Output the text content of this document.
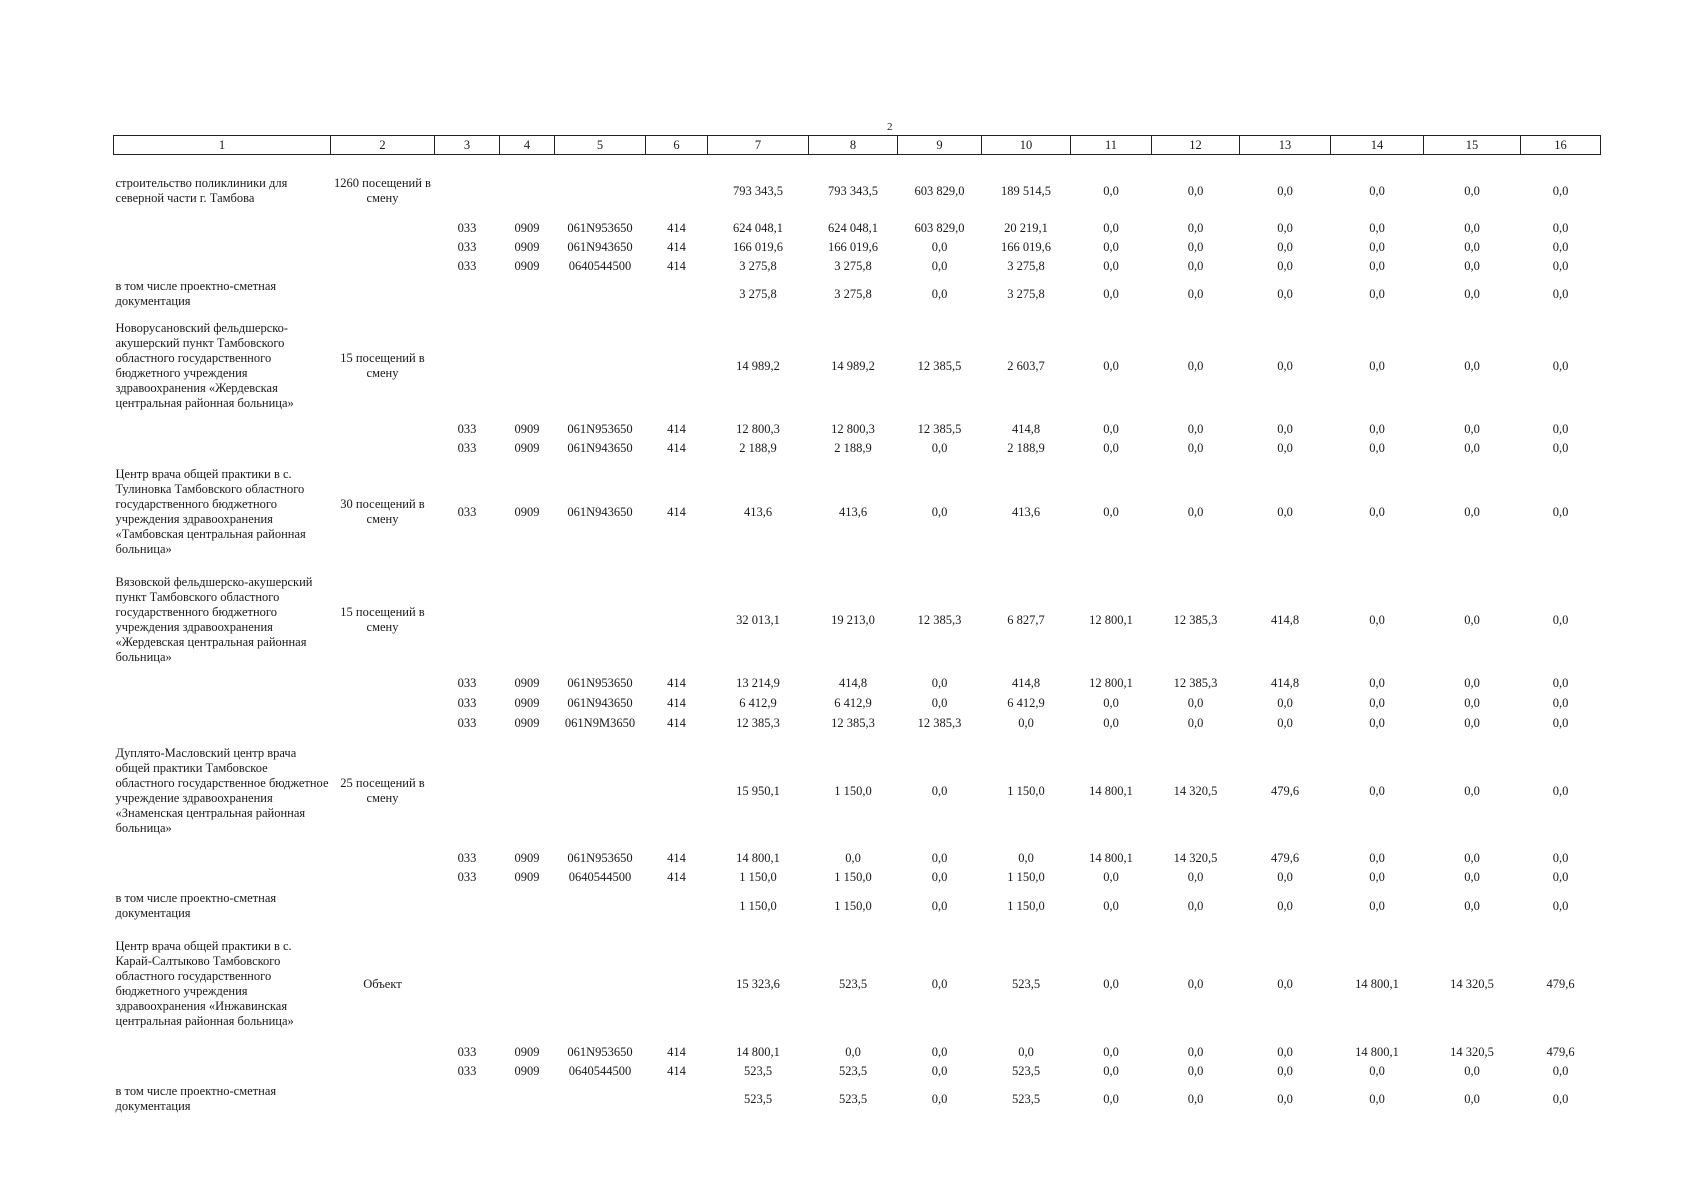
2
1	2	3	4	5	6	7	8	9	10	11	12	13	14	15	16

строительство поликлиники для северной части г. Тамбова	1260 посещений в смену					793 343,5	793 343,5	603 829,0	189 514,5	0,0	0,0	0,0	0,0	0,0	0,0
		033	0909	061N953650	414	624 048,1	624 048,1	603 829,0	20 219,1	0,0	0,0	0,0	0,0	0,0	0,0
		033	0909	061N943650	414	166 019,6	166 019,6	0,0	166 019,6	0,0	0,0	0,0	0,0	0,0	0,0
		033	0909	0640544500	414	3 275,8	3 275,8	0,0	3 275,8	0,0	0,0	0,0	0,0	0,0	0,0
в том числе проектно-сметная документация						3 275,8	3 275,8	0,0	3 275,8	0,0	0,0	0,0	0,0	0,0	0,0
Новорусановский фельдшерско-акушерский пункт Тамбовского областного государственного бюджетного учреждения здравоохранения «Жердевская центральная районная больница»	15 посещений в смену					14 989,2	14 989,2	12 385,5	2 603,7	0,0	0,0	0,0	0,0	0,0	0,0
		033	0909	061N953650	414	12 800,3	12 800,3	12 385,5	414,8	0,0	0,0	0,0	0,0	0,0	0,0
		033	0909	061N943650	414	2 188,9	2 188,9	0,0	2 188,9	0,0	0,0	0,0	0,0	0,0	0,0
Центр врача общей практики в с. Тулиновка Тамбовского областного государственного бюджетного учреждения здравоохранения «Тамбовская центральная районная больница»	30 посещений в смену	033	0909	061N943650	414	413,6	413,6	0,0	413,6	0,0	0,0	0,0	0,0	0,0	0,0
Вязовской фельдшерско-акушерский пункт Тамбовского областного государственного бюджетного учреждения здравоохранения «Жердевская центральная районная больница»	15 посещений в смену					32 013,1	19 213,0	12 385,3	6 827,7	12 800,1	12 385,3	414,8	0,0	0,0	0,0
		033	0909	061N953650	414	13 214,9	414,8	0,0	414,8	12 800,1	12 385,3	414,8	0,0	0,0	0,0
		033	0909	061N943650	414	6 412,9	6 412,9	0,0	6 412,9	0,0	0,0	0,0	0,0	0,0	0,0
		033	0909	061N9M3650	414	12 385,3	12 385,3	12 385,3	0,0	0,0	0,0	0,0	0,0	0,0	0,0
Дуплято-Масловский центр врача общей практики Тамбовское областного государственное бюджетное учреждение здравоохранения «Знаменская центральная районная больница»	25 посещений в смену					15 950,1	1 150,0	0,0	1 150,0	14 800,1	14 320,5	479,6	0,0	0,0	0,0
		033	0909	061N953650	414	14 800,1	0,0	0,0	0,0	14 800,1	14 320,5	479,6	0,0	0,0	0,0
		033	0909	0640544500	414	1 150,0	1 150,0	0,0	1 150,0	0,0	0,0	0,0	0,0	0,0	0,0
в том числе проектно-сметная документация						1 150,0	1 150,0	0,0	1 150,0	0,0	0,0	0,0	0,0	0,0	0,0
Центр врача общей практики в с. Карай-Салтыково Тамбовского областного государственного бюджетного учреждения здравоохранения «Инжавинская центральная районная больница»	Объект					15 323,6	523,5	0,0	523,5	0,0	0,0	0,0	14 800,1	14 320,5	479,6
		033	0909	061N953650	414	14 800,1	0,0	0,0	0,0	0,0	0,0	0,0	14 800,1	14 320,5	479,6
		033	0909	0640544500	414	523,5	523,5	0,0	523,5	0,0	0,0	0,0	0,0	0,0	0,0
в том числе проектно-сметная документация						523,5	523,5	0,0	523,5	0,0	0,0	0,0	0,0	0,0	0,0
